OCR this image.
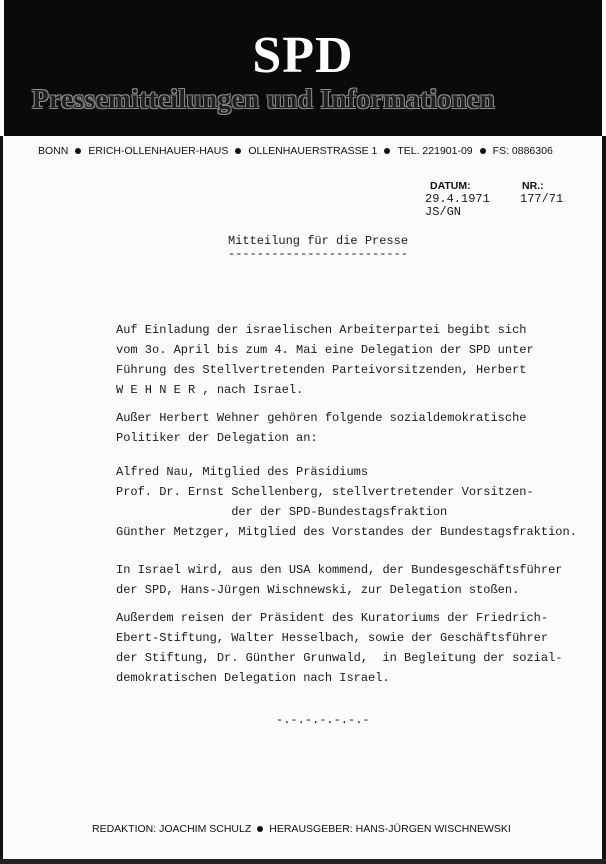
SPD
Pressemitteilungen und Informationen
BONN ERICH-OLLENHAUER-HAUS OLLENHAUERSTRASSE 1 TEL. 221901-09 FS: 0886306
DATUM:	NR.:
29.4.1971
JS/GN
177/71
Mitteilung für die Presse
-------------------------
Auf Einladung der israelischen Arbeiterpartei begibt sich
vom 3o. April bis zum 4. Mai eine Delegation der SPD unter
Führung des Stellvertretenden Parteivorsitzenden, Herbert
W E H N E R , nach Israel.
Außer Herbert Wehner gehören folgende sozialdemokratische
Politiker der Delegation an:
Alfred Nau, Mitglied des Präsidiums
Prof. Dr. Ernst Schellenberg, stellvertretender Vorsitzen-
der der SPD-Bundestagsfraktion
Günther Metzger, Mitglied des Vorstandes der Bundestagsfraktion.
In Israel wird, aus den USA kommend, der Bundesgeschäftsführer
der SPD, Hans-Jürgen Wischnewski, zur Delegation stoßen.
Außerdem reisen der Präsident des Kuratoriums der Friedrich-
Ebert-Stiftung, Walter Hesselbach, sowie der Geschäftsführer
der Stiftung, Dr. Günther Grunwald,  in Begleitung der sozial-
demokratischen Delegation nach Israel.
-.-.-.-.-.-.-
REDAKTION: JOACHIM SCHULZ HERAUSGEBER: HANS-JÜRGEN WISCHNEWSKI
